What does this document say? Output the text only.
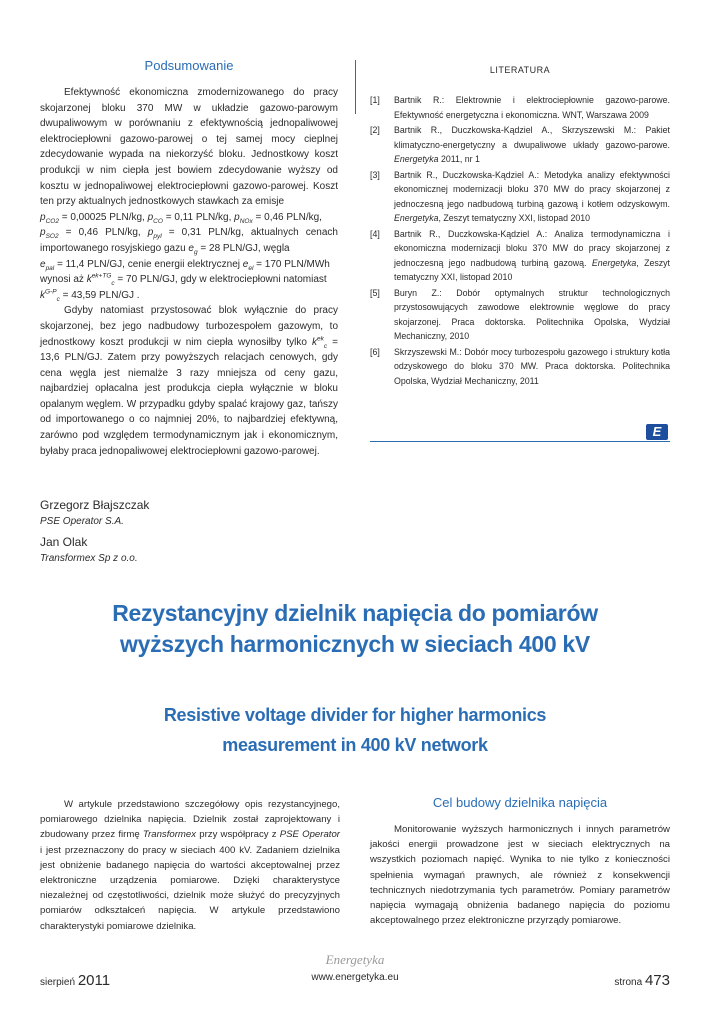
Podsumowanie

Efektywność ekonomiczna zmodernizowanego do pracy skojarzonej bloku 370 MW w układzie gazowo-parowym dwupaliwowym w porównaniu z efektywnością jednopaliwowej elektrociepłowni gazowo-parowej o tej samej mocy cieplnej zdecydowanie wypada na niekorzyść bloku. Jednostkowy koszt produkcji w nim ciepła jest bowiem zdecydowanie wyższy od kosztu w jednopaliwowej elektrociepłowni gazowo-parowej. Koszt ten przy aktualnych jednostkowych stawkach za emisje
$p_{CO2} = 0,00025$ PLN/kg, $p_{CO} = 0,11$ PLN/kg, $p_{NOx} = 0,46$ PLN/kg,
$p_{SO2} = 0,46$ PLN/kg, $p_{pyl} = 0,31$ PLN/kg, aktualnych cenach importowanego rosyjskiego gazu $e_g = 28$ PLN/GJ, węgla
$e_{pal} = 11,4$ PLN/GJ, cenie energii elektrycznej $e_{el} = 170$ PLN/MWh
wynosi aż $k^{ek+TG}_c = 70$ PLN/GJ, gdy w elektrociepłowni natomiast
$k^{G-P}_c = 43,59$ PLN/GJ .

Gdyby natomiast przystosować blok wyłącznie do pracy skojarzonej, bez jego nadbudowy turbozespołem gazowym, to jednostkowy koszt produkcji w nim ciepła wynosiłby tylko $k^{ek}_c = 13,6$ PLN/GJ. Zatem przy powyższych relacjach cenowych, gdy cena węgla jest niemalże 3 razy mniejsza od ceny gazu, najbardziej opłacalna jest produkcja ciepła wyłącznie w bloku opalanym węglem. W przypadku gdyby spalać krajowy gaz, tańszy od importowanego o co najmniej 20%, to najbardziej efektywną, zarówno pod względem termodynamicznym jak i ekonomicznym, byłaby praca jednopaliwowej elektrociepłowni gazowo-parowej.

LITERATURA
[1]	Bartnik R.: Elektrownie i elektrociepłownie gazowo-parowe. Efektywność energetyczna i ekonomiczna. WNT, Warszawa 2009
[2]	Bartnik R., Duczkowska-Kądziel A., Skrzyszewski M.: Pakiet klimatyczno-energetyczny a dwupaliwowe układy gazowo-parowe. Energetyka 2011, nr 1
[3]	Bartnik R., Duczkowska-Kądziel A.: Metodyka analizy efektywności ekonomicznej modernizacji bloku 370 MW do pracy skojarzonej z jednoczesną jego nadbudową turbiną gazową i kotłem odzyskowym. Energetyka, Zeszyt tematyczny XXI, listopad 2010
[4]	Bartnik R., Duczkowska-Kądziel A.: Analiza termodynamiczna i ekonomiczna modernizacji bloku 370 MW do pracy skojarzonej z jednoczesną jego nadbudową turbiną gazową. Energetyka, Zeszyt tematyczny XXI, listopad 2010
[5]	Buryn Z.: Dobór optymalnych struktur technologicznych przystosowujących zawodowe elektrownie węglowe do pracy skojarzonej. Praca doktorska. Politechnika Opolska, Wydział Mechaniczny, 2010
[6]	Skrzyszewski M.: Dobór mocy turbozespołu gazowego i struktury kotła odzyskowego do bloku 370 MW. Praca doktorska. Politechnika Opolska, Wydział Mechaniczny, 2011
E
Grzegorz Błajszczak
PSE Operator S.A.
Jan Olak
Transformex Sp z o.o.
Rezystancyjny dzielnik napięcia do pomiarów
wyższych harmonicznych w sieciach 400 kV
Resistive voltage divider for higher harmonics
measurement in 400 kV network

W artykule przedstawiono szczegółowy opis rezystancyjnego, pomiarowego dzielnika napięcia. Dzielnik został zaprojektowany i zbudowany przez firmę Transformex przy współpracy z PSE Operator i jest przeznaczony do pracy w sieciach 400 kV. Zadaniem dzielnika jest obniżenie badanego napięcia do wartości akceptowalnej przez elektroniczne urządzenia pomiarowe. Dzięki charakterystyce niezależnej od częstotliwości, dzielnik może służyć do precyzyjnych pomiarów odkształceń napięcia. W artykule przedstawiono charakterystyki pomiarowe dzielnika.

Cel budowy dzielnika napięcia

Monitorowanie wyższych harmonicznych i innych parametrów jakości energii prowadzone jest w sieciach elektrycznych na wszystkich poziomach napięć. Wynika to nie tylko z konieczności spełnienia wymagań prawnych, ale również z konsekwencji technicznych niedotrzymania tych parametrów. Pomiary parametrów napięcia wymagają obniżenia badanego napięcia do poziomu akceptowalnego przez elektroniczne przyrządy pomiarowe.

Energetyka
sierpień 2011	www.energetyka.eu	strona 473
